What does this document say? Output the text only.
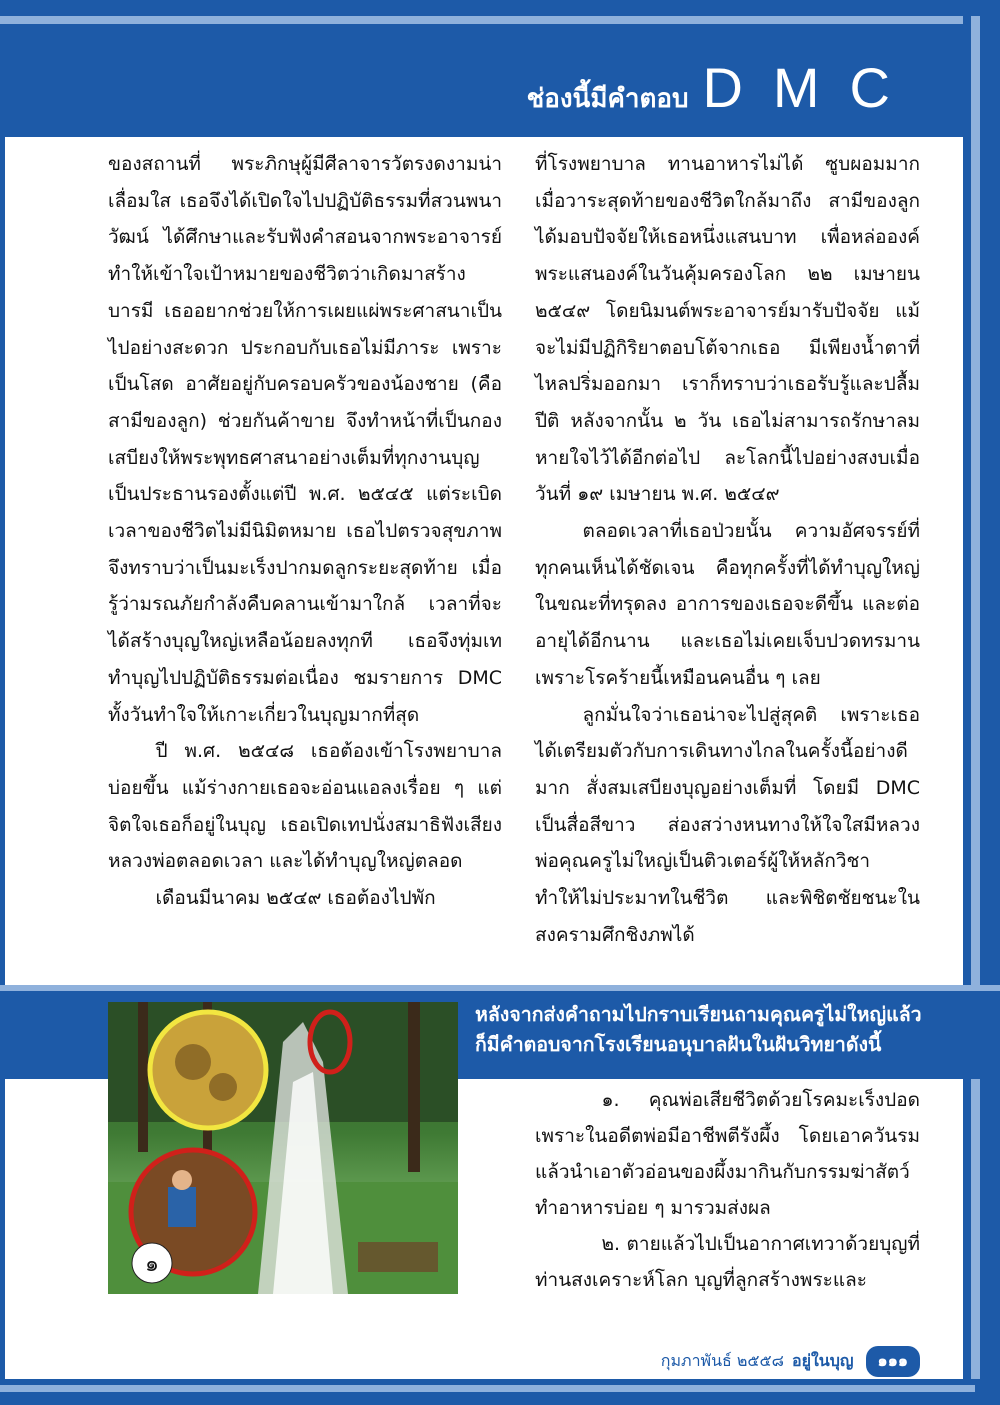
ช่องนี้มีคำตอบ DMC

ของสถานที่ พระภิกษุผู้มีศีลาจารวัตรงดงามน่าเลื่อมใส เธอจึงได้เปิดใจไปปฏิบัติธรรมที่สวนพนาวัฒน์ ได้ศึกษาและรับฟังคำสอนจากพระอาจารย์ ทำให้เข้าใจเป้าหมายของชีวิตว่าเกิดมาสร้างบารมี เธออยากช่วยให้การเผยแผ่พระศาสนาเป็นไปอย่างสะดวก ประกอบกับเธอไม่มีภาระ เพราะเป็นโสด อาศัยอยู่กับครอบครัวของน้องชาย (คือสามีของลูก) ช่วยกันค้าขาย จึงทำหน้าที่เป็นกองเสบียงให้พระพุทธศาสนาอย่างเต็มที่ทุกงานบุญ เป็นประธานรองตั้งแต่ปี พ.ศ. ๒๕๔๕ แต่ระเบิดเวลาของชีวิตไม่มีนิมิตหมาย เธอไปตรวจสุขภาพจึงทราบว่าเป็นมะเร็งปากมดลูกระยะสุดท้าย เมื่อรู้ว่ามรณภัยกำลังคืบคลานเข้ามาใกล้ เวลาที่จะได้สร้างบุญใหญ่เหลือน้อยลงทุกที เธอจึงทุ่มเททำบุญไปปฏิบัติธรรมต่อเนื่อง ชมรายการ DMC ทั้งวันทำใจให้เกาะเกี่ยวในบุญมากที่สุด

ปี พ.ศ. ๒๕๔๘ เธอต้องเข้าโรงพยาบาลบ่อยขึ้น แม้ร่างกายเธอจะอ่อนแอลงเรื่อย ๆ แต่จิตใจเธอก็อยู่ในบุญ เธอเปิดเทปนั่งสมาธิฟังเสียงหลวงพ่อตลอดเวลา และได้ทำบุญใหญ่ตลอด

เดือนมีนาคม ๒๕๔๙ เธอต้องไปพัก

ที่โรงพยาบาล ทานอาหารไม่ได้ ซูบผอมมาก เมื่อวาระสุดท้ายของชีวิตใกล้มาถึง สามีของลูกได้มอบปัจจัยให้เธอหนึ่งแสนบาท เพื่อหล่อองค์พระแสนองค์ในวันคุ้มครองโลก ๒๒ เมษายน ๒๕๔๙ โดยนิมนต์พระอาจารย์มารับปัจจัย แม้จะไม่มีปฏิกิริยาตอบโต้จากเธอ มีเพียงน้ำตาที่ไหลปริ่มออกมา เราก็ทราบว่าเธอรับรู้และปลื้มปีติ หลังจากนั้น ๒ วัน เธอไม่สามารถรักษาลมหายใจไว้ได้อีกต่อไป ละโลกนี้ไปอย่างสงบเมื่อ วันที่ ๑๙ เมษายน พ.ศ. ๒๕๔๙

ตลอดเวลาที่เธอป่วยนั้น ความอัศจรรย์ที่ทุกคนเห็นได้ชัดเจน คือทุกครั้งที่ได้ทำบุญใหญ่ในขณะที่ทรุดลง อาการของเธอจะดีขึ้น และต่ออายุได้อีกนาน และเธอไม่เคยเจ็บปวดทรมานเพราะโรคร้ายนี้เหมือนคนอื่น ๆ เลย

ลูกมั่นใจว่าเธอน่าจะไปสู่สุคติ เพราะเธอได้เตรียมตัวกับการเดินทางไกลในครั้งนี้อย่างดีมาก สั่งสมเสบียงบุญอย่างเต็มที่ โดยมี DMC เป็นสื่อสีขาว ส่องสว่างหนทางให้ใจใสมีหลวงพ่อคุณครูไม่ใหญ่เป็นติวเตอร์ผู้ให้หลักวิชา ทำให้ไม่ประมาทในชีวิต และพิชิตชัยชนะในสงครามศึกชิงภพได้

๑
หลังจากส่งคำถามไปกราบเรียนถามคุณครูไม่ใหญ่แล้ว
ก็มีคำตอบจากโรงเรียนอนุบาลฝันในฝันวิทยาดังนี้

๑. คุณพ่อเสียชีวิตด้วยโรคมะเร็งปอด เพราะในอดีตพ่อมีอาชีพตีรังผึ้ง โดยเอาควันรมแล้วนำเอาตัวอ่อนของผึ้งมากินกับกรรมฆ่าสัตว์ทำอาหารบ่อย ๆ มารวมส่งผล

๒. ตายแล้วไปเป็นอากาศเทวาด้วยบุญที่ท่านสงเคราะห์โลก บุญที่ลูกสร้างพระและ

กุมภาพันธ์ ๒๕๕๘ อยู่ในบุญ	๑๑๑
